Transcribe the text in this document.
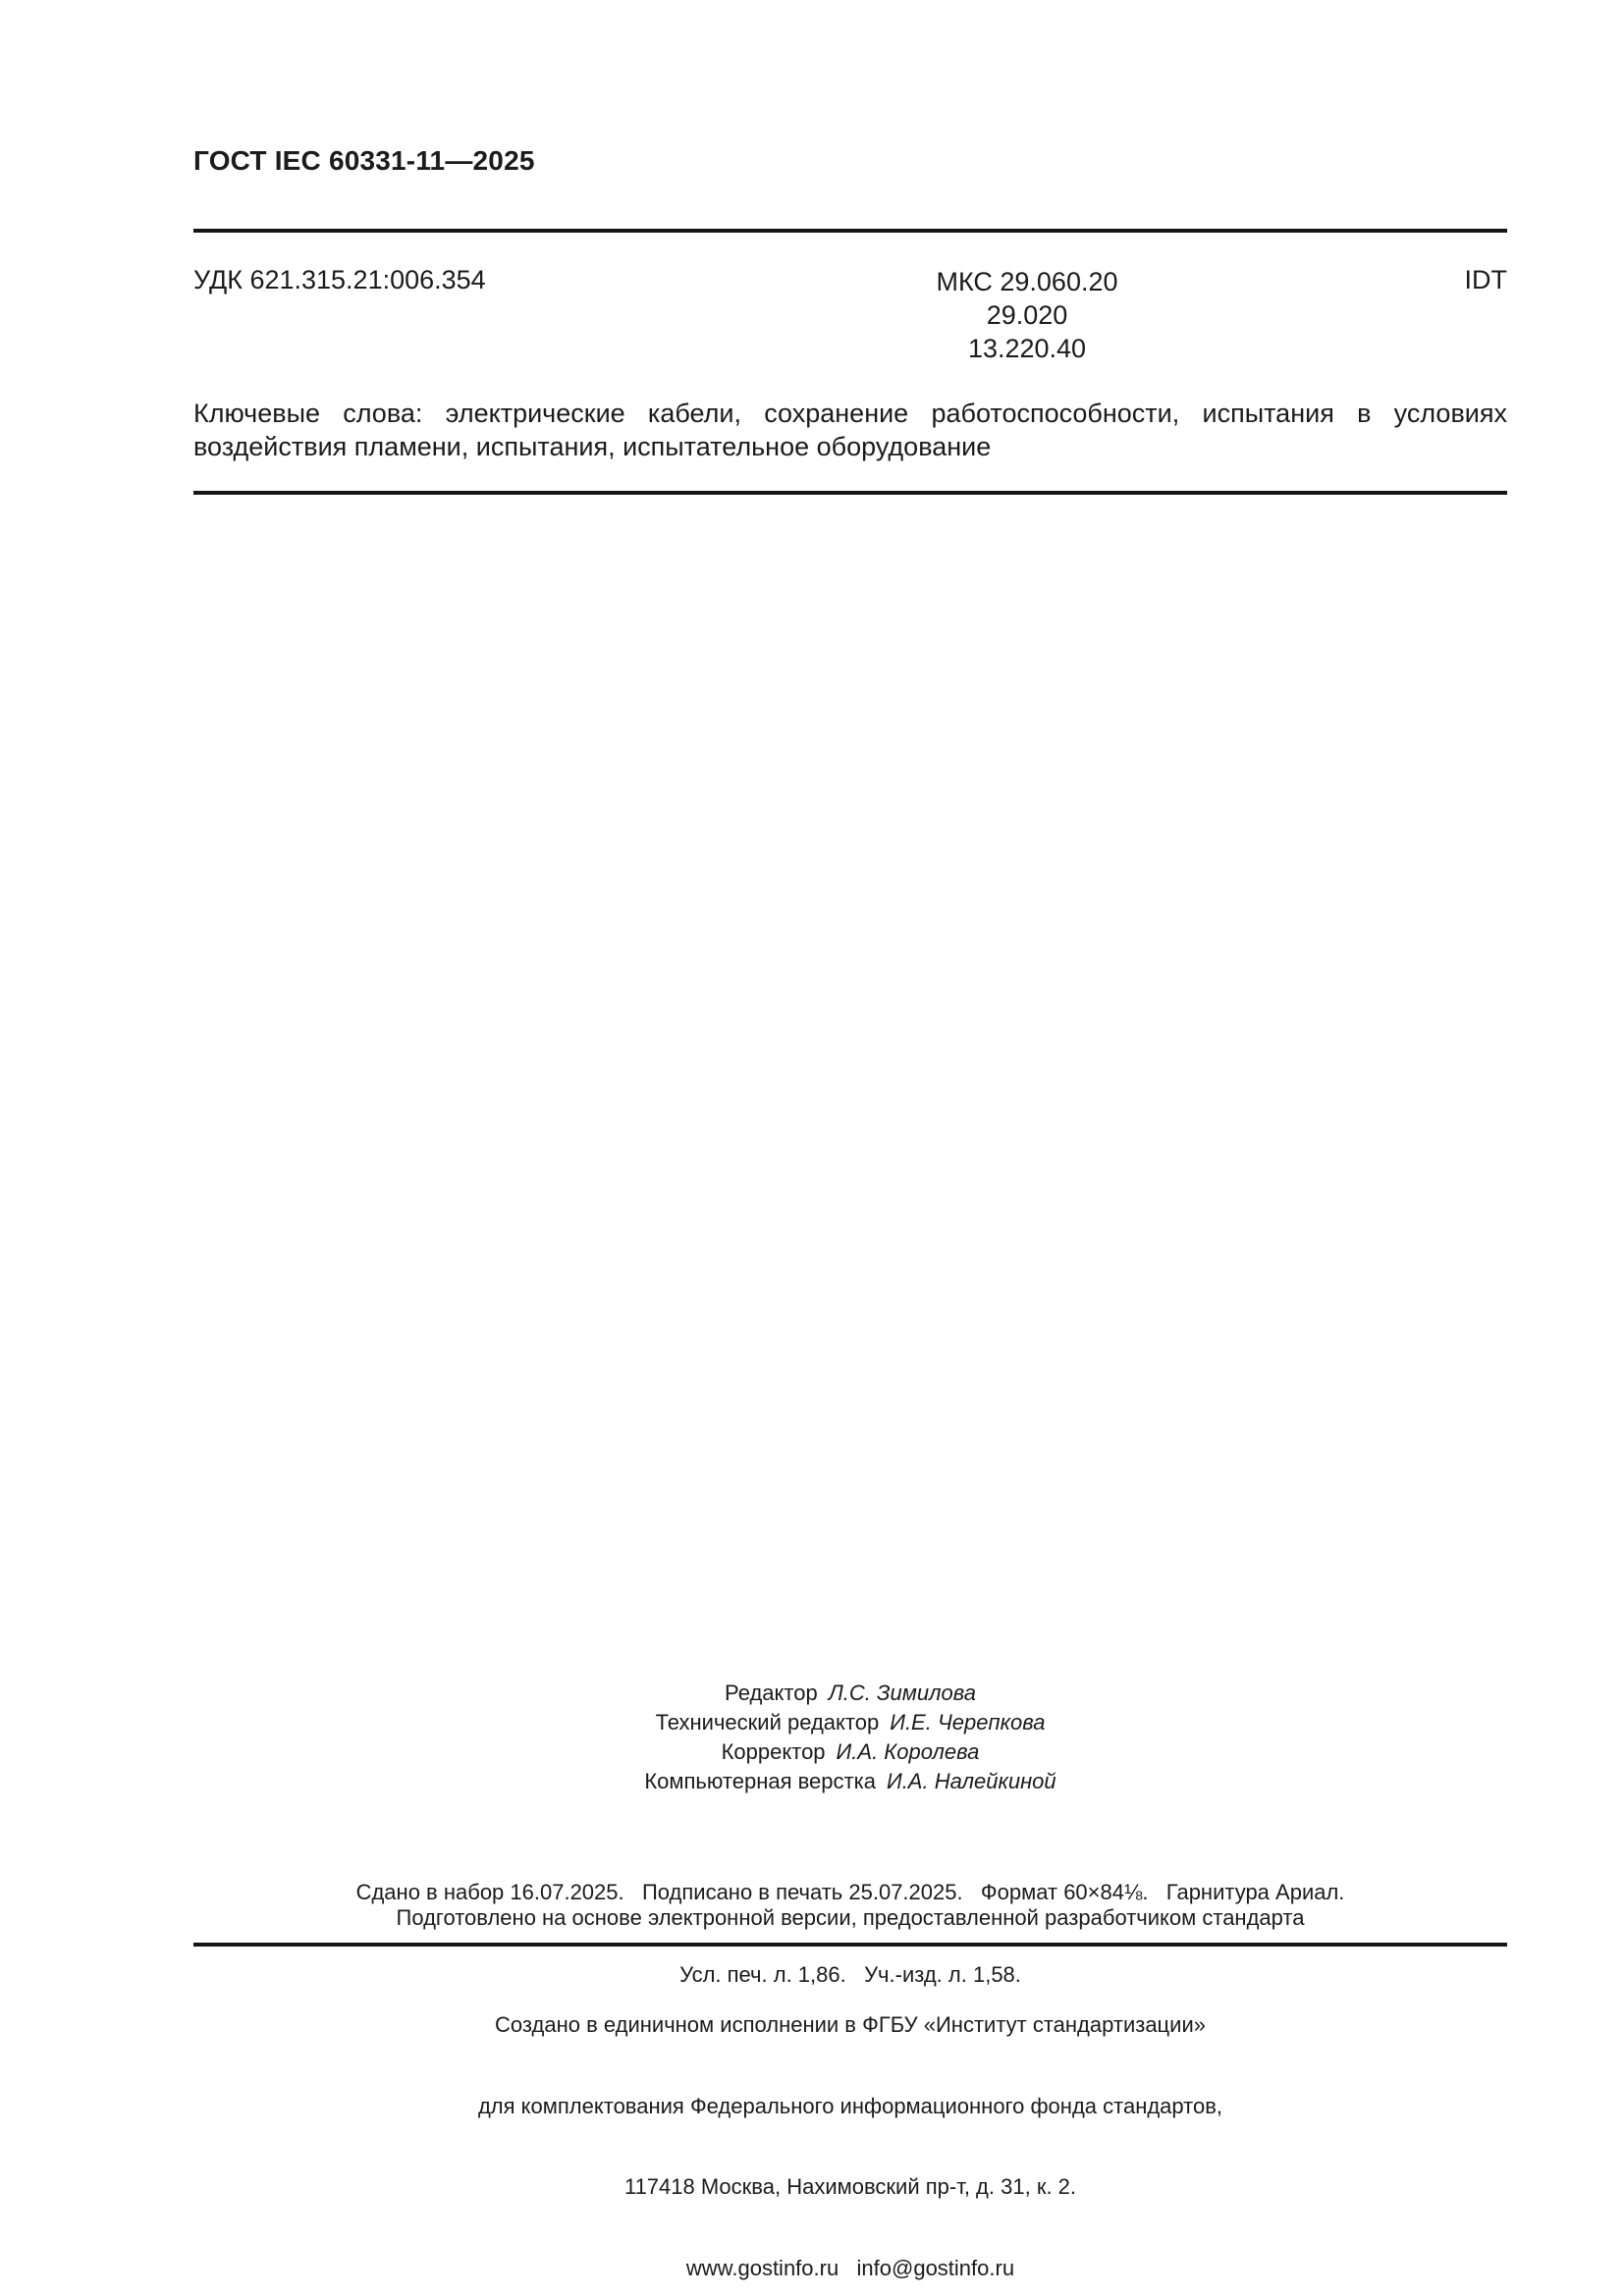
ГОСТ IEC 60331-11—2025
УДК 621.315.21:006.354	МКС 29.060.20
29.020
13.220.40
IDT
Ключевые слова: электрические кабели, сохранение работоспособности, испытания в условиях
воздействия пламени, испытания, испытательное оборудование
Редактор Л.С. Зимилова
Технический редактор И.Е. Черепкова
Корректор И.А. Королева
Компьютерная верстка И.А. Налейкиной

Сдано в набор 16.07.2025.   Подписано в печать 25.07.2025.   Формат 60×84⅛.   Гарнитура Ариал.

Усл. печ. л. 1,86.   Уч.-изд. л. 1,58.

Подготовлено на основе электронной версии, предоставленной разработчиком стандарта

Создано в единичном исполнении в ФГБУ «Институт стандартизации»

для комплектования Федерального информационного фонда стандартов,

117418 Москва, Нахимовский пр-т, д. 31, к. 2.

www.gostinfo.ru   info@gostinfo.ru
